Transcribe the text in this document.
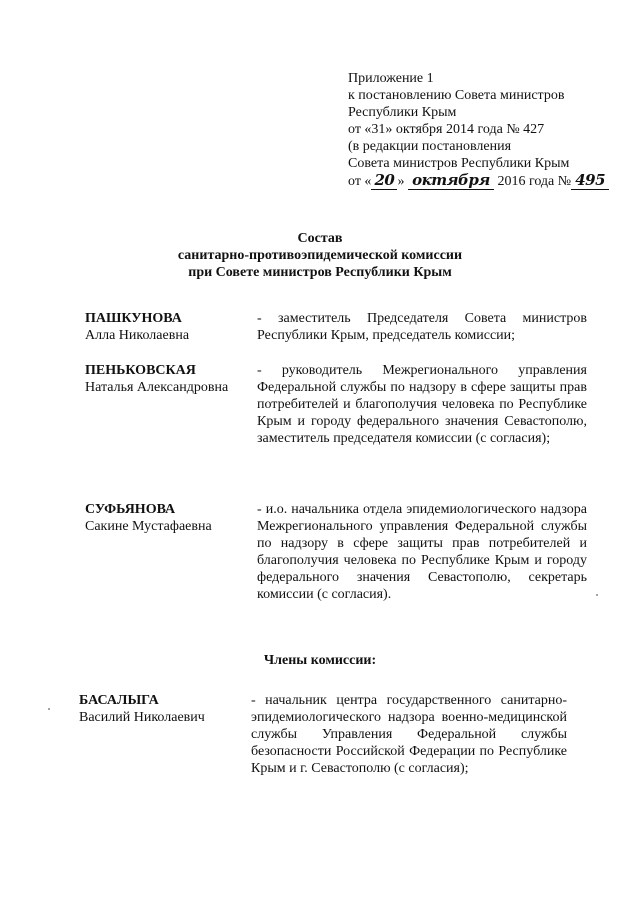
Приложение 1
к постановлению Совета министров
Республики Крым
от «31» октября 2014 года № 427
(в редакции постановления
Совета министров Республики Крым
от « 20 » октября 2016 года № 495
Состав
санитарно-противоэпидемической комиссии
при Совете министров Республики Крым
ПАШКУНОВА
Алла Николаевна
- заместитель Председателя Совета министров Республики Крым, председатель комиссии;
ПЕНЬКОВСКАЯ
Наталья Александровна
- руководитель Межрегионального управления Федеральной службы по надзору в сфере защиты прав потребителей и благополучия человека по Республике Крым и городу федерального значения Севастополю, заместитель председателя комиссии (с согласия);
СУФЬЯНОВА
Сакине Мустафаевна
- и.о. начальника отдела эпидемиологического надзора Межрегионального управления Федеральной службы по надзору в сфере защиты прав потребителей и благополучия человека по Республике Крым и городу федерального значения Севастополю, секретарь комиссии (с согласия).
Члены комиссии:
БАСАЛЫГА
Василий Николаевич
- начальник центра государственного санитарно-эпидемиологического надзора военно-медицинской службы Управления Федеральной службы безопасности Российской Федерации по Республике Крым и г. Севастополю (с согласия);
